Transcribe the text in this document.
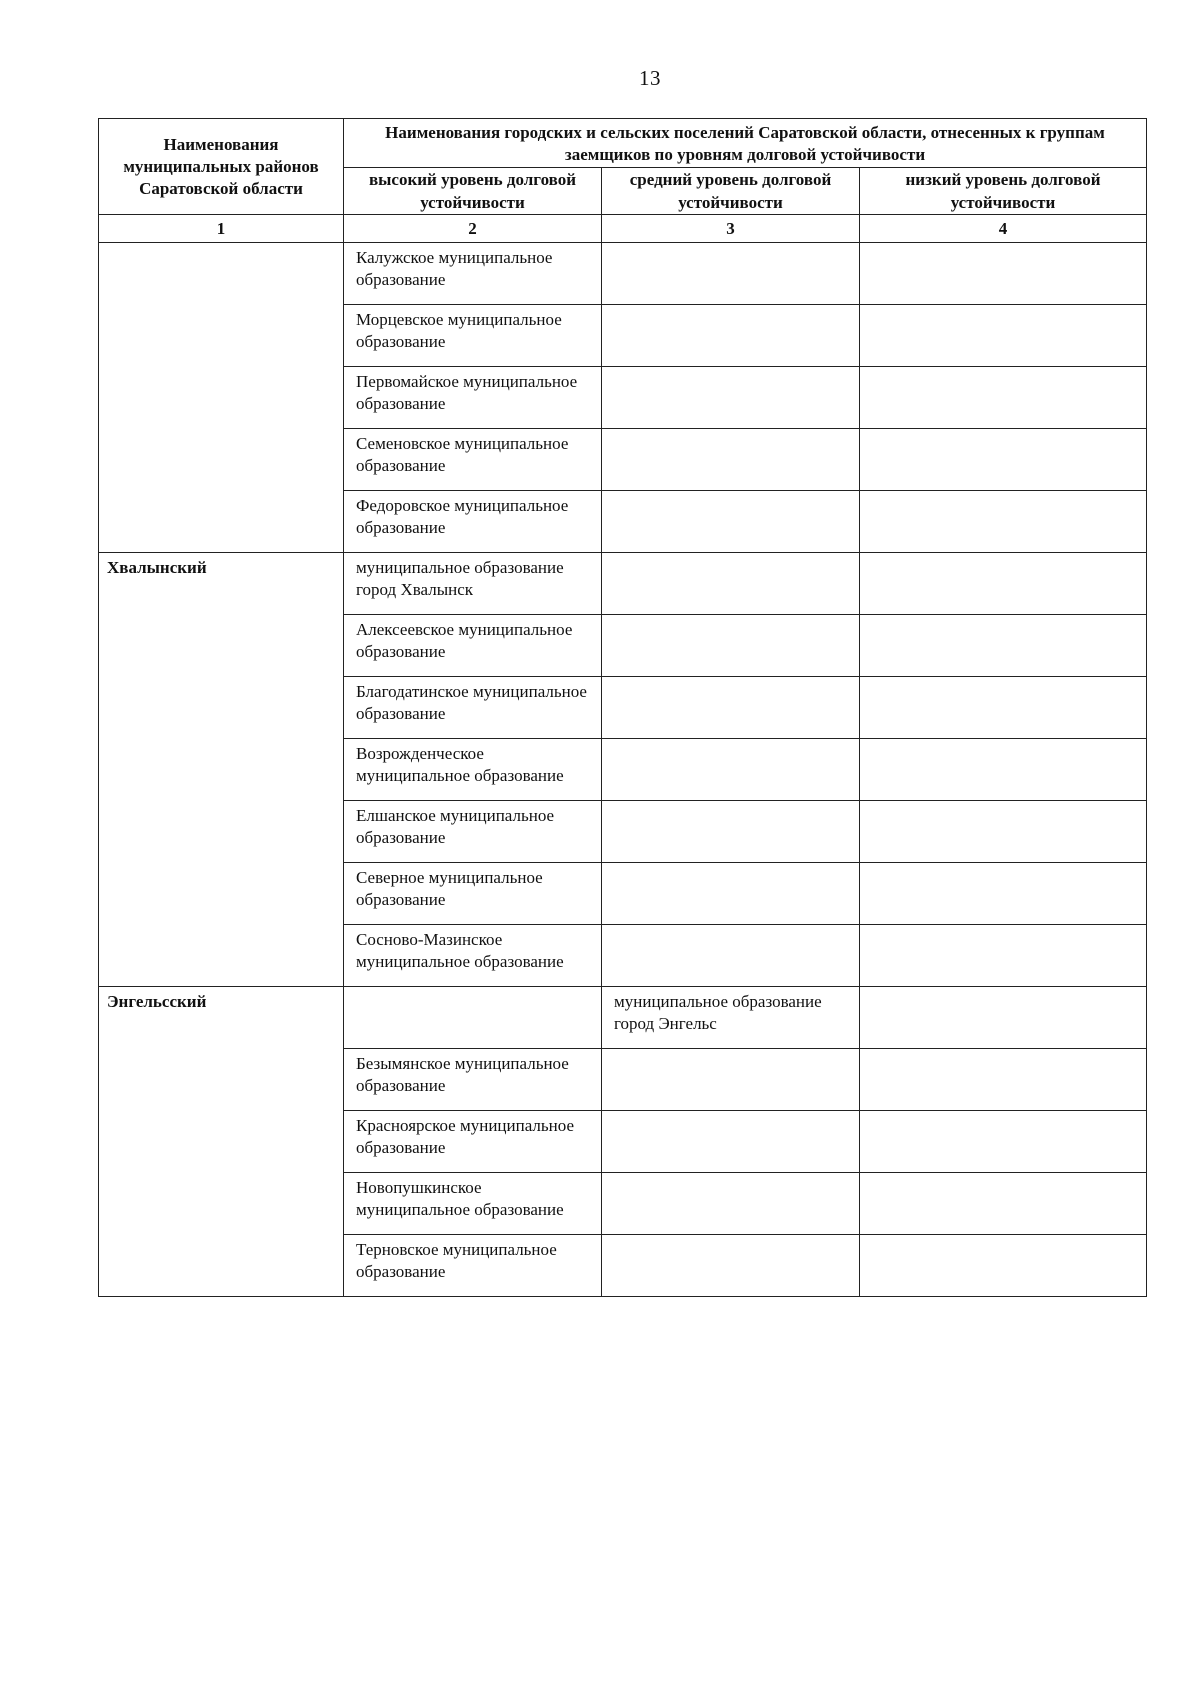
13
Наименования муниципальных районов Саратовской области	Наименования городских и сельских поселений Саратовской области, отнесенных к группам заемщиков по уровням долговой устойчивости		
	высокий уровень долговой устойчивости	средний уровень долговой устойчивости	низкий уровень долговой устойчивости
1	2	3	4
	Калужское муниципальное образование		
	Морцевское муниципальное образование		
	Первомайское муниципальное образование		
	Семеновское муниципальное образование		
	Федоровское муниципальное образование		
Хвалынский	муниципальное образование город Хвалынск		
	Алексеевское муниципальное образование		
	Благодатинское муниципальное образование		
	Возрожденческое муниципальное образование		
	Елшанское муниципальное образование		
	Северное муниципальное образование		
	Сосново-Мазинское муниципальное образование		
Энгельсский		муниципальное образование город Энгельс	
	Безымянское муниципальное образование		
	Красноярское муниципальное образование		
	Новопушкинское муниципальное образование		
	Терновское муниципальное образование		
